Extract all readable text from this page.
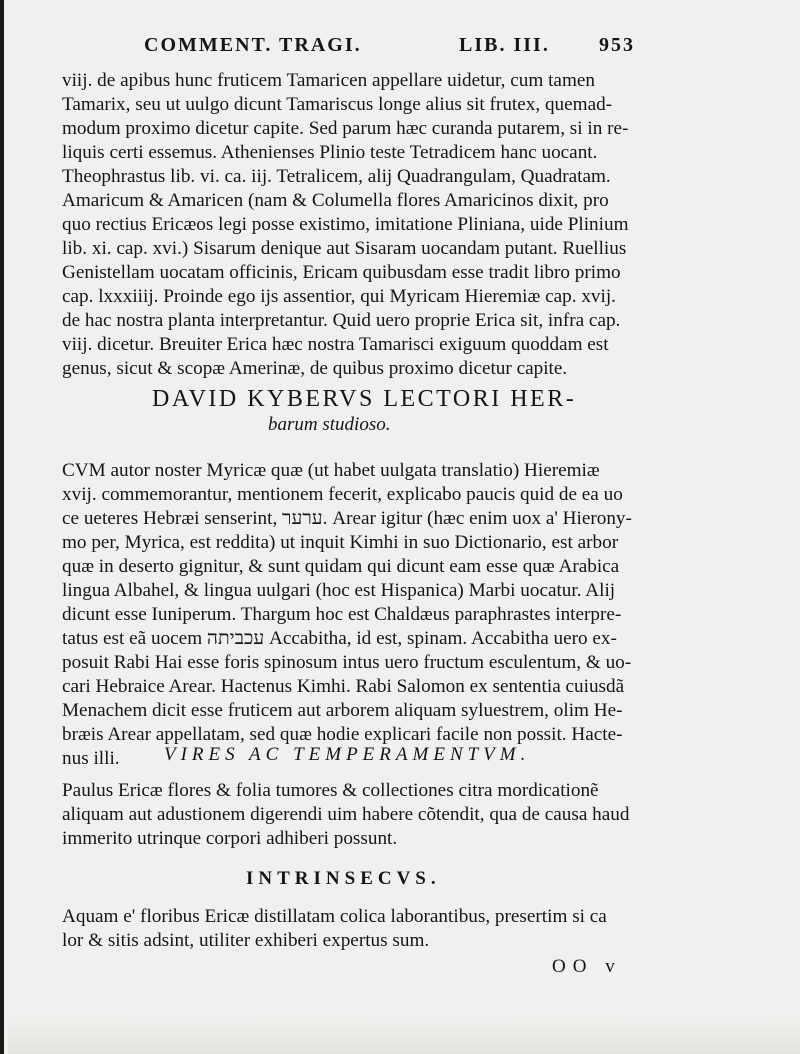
COMMENT. TRAGI.	LIB. III. 953
viij. de apibus hunc fruticem Tamaricen appellare uidetur, cum tamen
Tamarix, seu ut uulgo dicunt Tamariscus longe alius sit frutex, quemad-
modum proximo dicetur capite. Sed parum hæc curanda putarem, si in re-
liquis certi essemus. Athenienses Plinio teste Tetradicem hanc uocant.
Theophrastus lib. vi. ca. iij. Tetralicem, alij Quadrangulam, Quadratam.
Amaricum & Amaricen (nam & Columella flores Amaricinos dixit, pro
quo rectius Ericæos legi posse existimo, imitatione Pliniana, uide Plinium
lib. xi. cap. xvi.) Sisarum denique aut Sisaram uocandam putant. Ruellius
Genistellam uocatam officinis, Ericam quibusdam esse tradit libro primo
cap. lxxxiiij. Proinde ego ijs assentior, qui Myricam Hieremiæ cap. xvij.
de hac nostra planta interpretantur. Quid uero proprie Erica sit, infra cap.
viij. dicetur. Breuiter Erica hæc nostra Tamarisci exiguum quoddam est
genus, sicut & scopæ Amerinæ, de quibus proximo dicetur capite.
DAVID KYBERVS LECTORI HER-
barum studioso.
CVM autor noster Myricæ quæ (ut habet uulgata translatio) Hieremiæ
xvij. commemorantur, mentionem fecerit, explicabo paucis quid de ea uo
ce ueteres Hebræi senserint, ערער. Arear igitur (hæc enim uox a' Hierony-
mo per, Myrica, est reddita) ut inquit Kimhi in suo Dictionario, est arbor
quæ in deserto gignitur, & sunt quidam qui dicunt eam esse quæ Arabica
lingua Albahel, & lingua uulgari (hoc est Hispanica) Marbi uocatur. Alij
dicunt esse Iuniperum. Thargum hoc est Chaldæus paraphrastes interpre-
tatus est eã uocem עכביתה Accabitha, id est, spinam. Accabitha uero ex-
posuit Rabi Hai esse foris spinosum intus uero fructum esculentum, & uo-
cari Hebraice Arear. Hactenus Kimhi. Rabi Salomon ex sententia cuiusdã
Menachem dicit esse fruticem aut arborem aliquam syluestrem, olim He-
bræis Arear appellatam, sed quæ hodie explicari facile non possit. Hacte-
nus illi.	VIRES AC TEMPERAMENTVM.
Paulus Ericæ flores & folia tumores & collectiones citra mordicationẽ
aliquam aut adustionem digerendi uim habere cõtendit, qua de causa haud
immerito utrinque corpori adhiberi possunt.
INTRINSECVS.
Aquam e' floribus Ericæ distillatam colica laborantibus, presertim si ca
lor & sitis adsint, utiliter exhiberi expertus sum.
OO v
